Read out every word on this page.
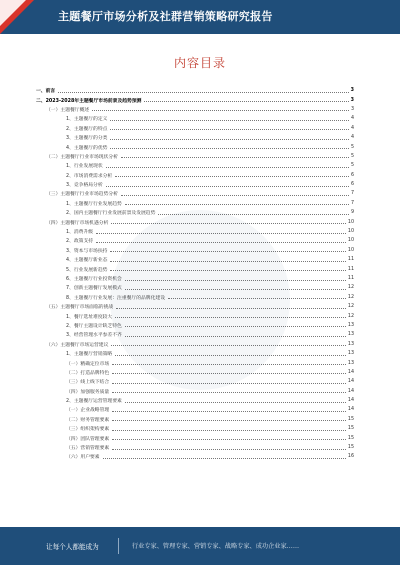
主题餐厅市场分析及社群营销策略研究报告
内容目录
一、前言	3
二、2023-2028年主题餐厅市场前景及趋势预测	3
（一）主题餐厅概述	3
1、主题餐厅的定义	4
2、主题餐厅的特点	4
3、主题餐厅的分类	4
4、主题餐厅的优势	5
（二）主题餐厅行业市场现状分析	5
1、行业发展现状	5
2、市场消费需求分析	6
3、竞争格局分析	6
（三）主题餐厅行业市场趋势分析	7
1、主题餐厅行业发展趋势	7
2、国内主题餐厅行业发展前景及发展趋势	9
（四）主题餐厅市场机遇分析	10
1、消费升级	10
2、政策支持	10
3、资本与市场扶持	10
4、主题餐厅新业态	11
5、行业发展新趋势	11
6、主题餐厅行业投资机会	11
7、创新主题餐厅发展模式	12
8、主题餐厅行业发展：注重餐厅的品牌化建设	12
（五）主题餐厅市场面临的挑战	12
1、餐厅选址难度较大	12
2、餐厅主题设计缺乏特色	13
3、经营管理水平参差不齐	13
（六）主题餐厅市场运营建议	13
1、主题餐厅营销策略	13
（一）精确定位市场	13
（二）打造品牌特色	14
（三）线上线下结合	14
（四）加强服务质量	14
2、主题餐厅运营管理要素	14
（一）企业战略管理	14
（二）财务管理要素	15
（三）组织架构要素	15
（四）团队管理要素	15
（五）营销管理要素	15
（六）用户要素	16
让每个人都能成为	行业专家、管理专家、营销专家、战略专家、成功企业家……
